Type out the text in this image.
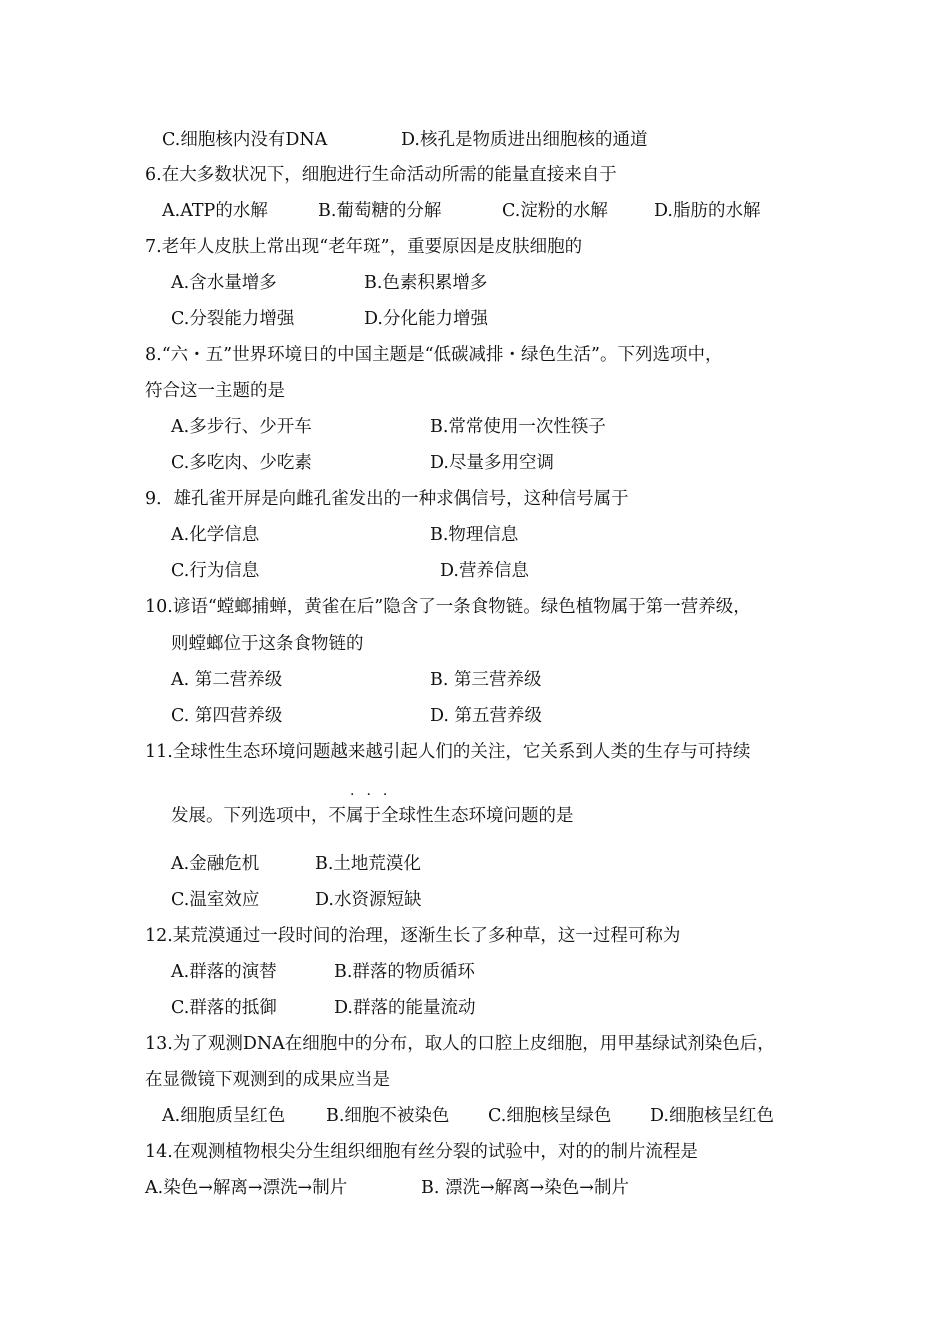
C.细胞核内没有DNA	D.核孔是物质进出细胞核的通道
6.在大多数状况下，细胞进行生命活动所需的能量直接来自于
A.ATP的水解	B.葡萄糖的分解	C.淀粉的水解	D.脂肪的水解
7.老年人皮肤上常出现“老年斑”，重要原因是皮肤细胞的
A.含水量增多	B.色素积累增多
C.分裂能力增强	D.分化能力增强
8.“六・五”世界环境日的中国主题是“低碳减排・绿色生活”。下列选项中，
符合这一主题的是
A.多步行、少开车	B.常常使用一次性筷子
C.多吃肉、少吃素	D.尽量多用空调
9．雄孔雀开屏是向雌孔雀发出的一种求偶信号，这种信号属于
A.化学信息	B.物理信息
C.行为信息	D.营养信息
10.谚语“螳螂捕蝉，黄雀在后”隐含了一条食物链。绿色植物属于第一营养级，
则螳螂位于这条食物链的
A. 第二营养级	B. 第三营养级
C. 第四营养级	D. 第五营养级
11.全球性生态环境问题越来越引起人们的关注，它关系到人类的生存与可持续
···
发展。下列选项中，不属于全球性生态环境问题的是
A.金融危机	B.土地荒漠化
C.温室效应	D.水资源短缺
12.某荒漠通过一段时间的治理，逐渐生长了多种草，这一过程可称为
A.群落的演替	B.群落的物质循环
C.群落的抵御	D.群落的能量流动
13.为了观测DNA在细胞中的分布，取人的口腔上皮细胞，用甲基绿试剂染色后，
在显微镜下观测到的成果应当是
A.细胞质呈红色 B.细胞不被染色 C.细胞核呈绿色 D.细胞核呈红色
14.在观测植物根尖分生组织细胞有丝分裂的试验中，对的的制片流程是
A.染色→解离→漂洗→制片	B. 漂洗→解离→染色→制片
